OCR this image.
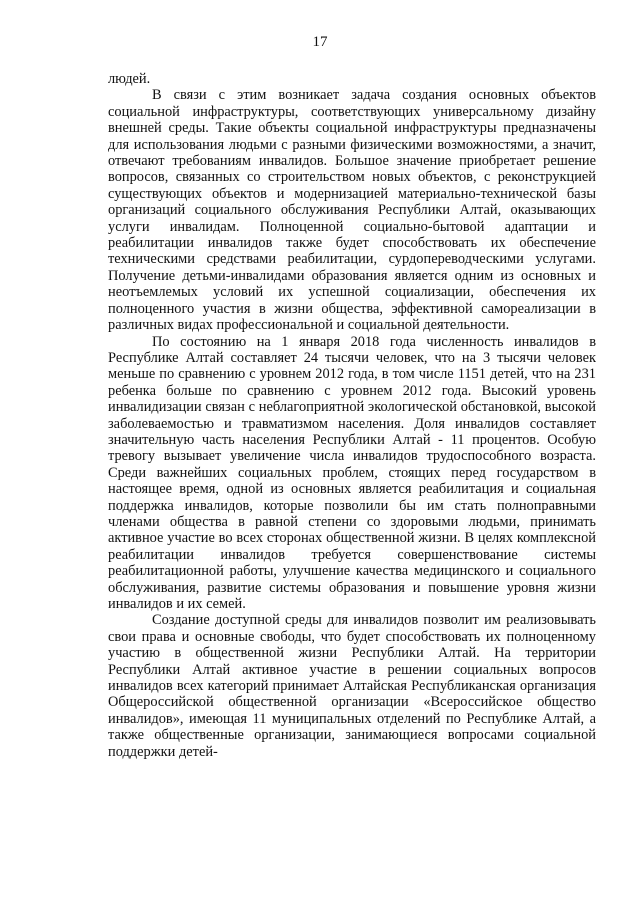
17

людей.

В связи с этим возникает задача создания основных объектов социальной инфраструктуры, соответствующих универсальному дизайну внешней среды. Такие объекты социальной инфраструктуры предназначены для использования людьми с разными физическими возможностями, а значит, отвечают требованиям инвалидов. Большое значение приобретает решение вопросов, связанных со строительством новых объектов, с реконструкцией существующих объектов и модернизацией материально-технической базы организаций социального обслуживания Республики Алтай, оказывающих услуги инвалидам. Полноценной социально-бытовой адаптации и реабилитации инвалидов также будет способствовать их обеспечение техническими средствами реабилитации, сурдопереводческими услугами. Получение детьми-инвалидами образования является одним из основных и неотъемлемых условий их успешной социализации, обеспечения их полноценного участия в жизни общества, эффективной самореализации в различных видах профессиональной и социальной деятельности.

По состоянию на 1 января 2018 года численность инвалидов в Республике Алтай составляет 24 тысячи человек, что на 3 тысячи человек меньше по сравнению с уровнем 2012 года, в том числе 1151 детей, что на 231 ребенка больше по сравнению с уровнем 2012 года. Высокий уровень инвалидизации связан с неблагоприятной экологической обстановкой, высокой заболеваемостью и травматизмом населения. Доля инвалидов составляет значительную часть населения Республики Алтай - 11 процентов. Особую тревогу вызывает увеличение числа инвалидов трудоспособного возраста. Среди важнейших социальных проблем, стоящих перед государством в настоящее время, одной из основных является реабилитация и социальная поддержка инвалидов, которые позволили бы им стать полноправными членами общества в равной степени со здоровыми людьми, принимать активное участие во всех сторонах общественной жизни. В целях комплексной реабилитации инвалидов требуется совершенствование системы реабилитационной работы, улучшение качества медицинского и социального обслуживания, развитие системы образования и повышение уровня жизни инвалидов и их семей.

Создание доступной среды для инвалидов позволит им реализовывать свои права и основные свободы, что будет способствовать их полноценному участию в общественной жизни Республики Алтай. На территории Республики Алтай активное участие в решении социальных вопросов инвалидов всех категорий принимает Алтайская Республиканская организация Общероссийской общественной организации «Всероссийское общество инвалидов», имеющая 11 муниципальных отделений по Республике Алтай, а также общественные организации, занимающиеся вопросами социальной поддержки детей-
